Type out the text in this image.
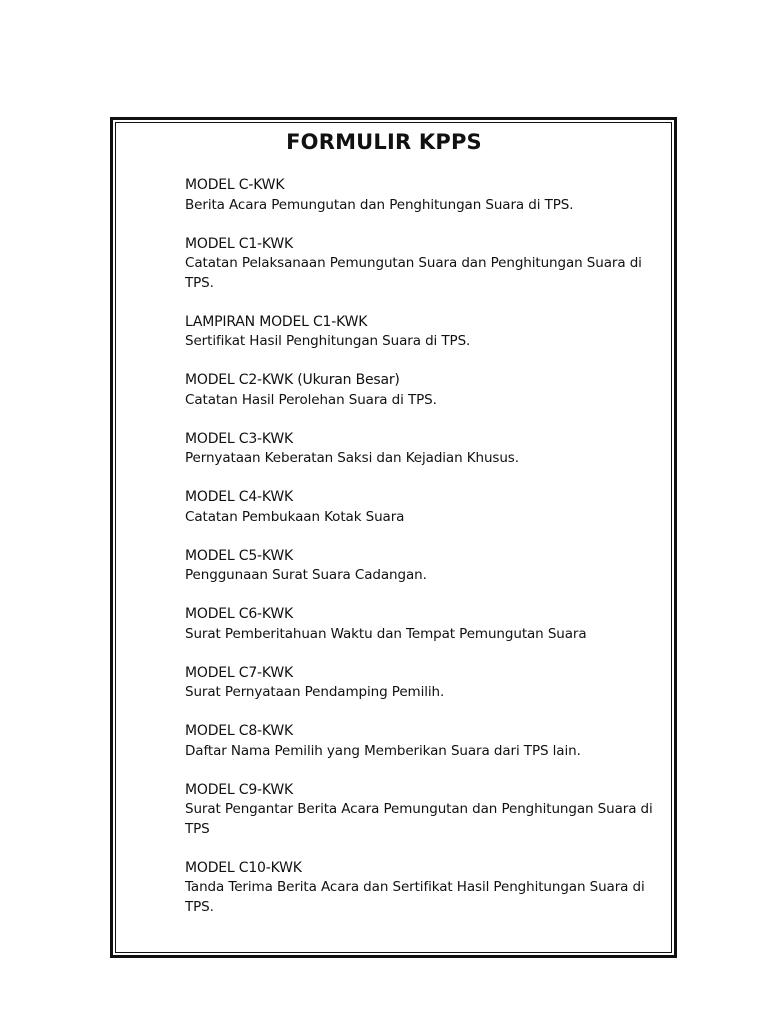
FORMULIR KPPS
MODEL C-KWK
Berita Acara Pemungutan dan Penghitungan Suara di TPS.
MODEL C1-KWK
Catatan Pelaksanaan Pemungutan Suara dan Penghitungan Suara di TPS.
LAMPIRAN MODEL C1-KWK
Sertifikat Hasil Penghitungan Suara di TPS.
MODEL C2-KWK (Ukuran Besar)
Catatan Hasil Perolehan Suara di TPS.
MODEL C3-KWK
Pernyataan Keberatan Saksi dan Kejadian Khusus.
MODEL C4-KWK
Catatan Pembukaan Kotak Suara
MODEL C5-KWK
Penggunaan Surat Suara Cadangan.
MODEL C6-KWK
Surat Pemberitahuan Waktu dan Tempat Pemungutan Suara
MODEL C7-KWK
Surat Pernyataan Pendamping Pemilih.
MODEL C8-KWK
Daftar Nama Pemilih yang Memberikan Suara dari TPS lain.
MODEL C9-KWK
Surat Pengantar Berita Acara Pemungutan dan Penghitungan Suara di TPS
MODEL C10-KWK
Tanda Terima Berita Acara dan Sertifikat Hasil Penghitungan Suara di TPS.
